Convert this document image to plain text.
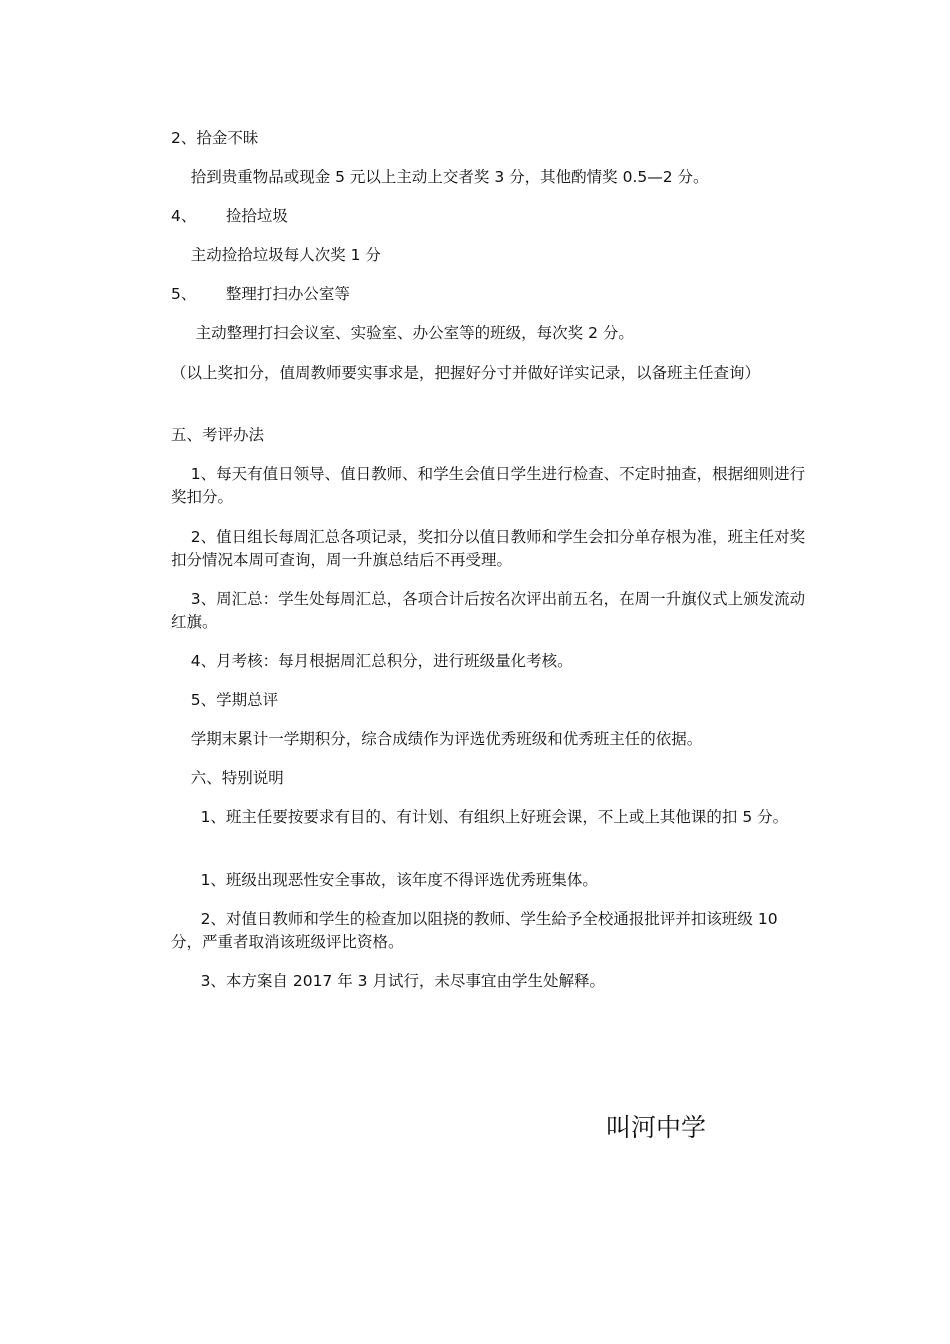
2、拾金不昧

拾到贵重物品或现金 5 元以上主动上交者奖 3 分，其他酌情奖 0.5—2 分。

4、      捡拾垃圾

主动捡拾垃圾每人次奖 1 分

5、      整理打扫办公室等

主动整理打扫会议室、实验室、办公室等的班级，每次奖 2 分。

（以上奖扣分，值周教师要实事求是，把握好分寸并做好详实记录，以备班主任查询）

五、考评办法

1、每天有值日领导、值日教师、和学生会值日学生进行检查、不定时抽查，根据细则进行奖扣分。

2、值日组长每周汇总各项记录，奖扣分以值日教师和学生会扣分单存根为准，班主任对奖扣分情况本周可查询，周一升旗总结后不再受理。

3、周汇总：学生处每周汇总，各项合计后按名次评出前五名，在周一升旗仪式上颁发流动红旗。

4、月考核：每月根据周汇总积分，进行班级量化考核。

5、学期总评

学期末累计一学期积分，综合成绩作为评选优秀班级和优秀班主任的依据。

六、特别说明

1、班主任要按要求有目的、有计划、有组织上好班会课，不上或上其他课的扣 5 分。

1、班级出现恶性安全事故，该年度不得评选优秀班集体。

2、对值日教师和学生的检查加以阻挠的教师、学生給予全校通报批评并扣该班级 10 分，严重者取消该班级评比资格。

3、本方案自 2017 年 3 月试行，未尽事宜由学生处解释。

叫河中学
